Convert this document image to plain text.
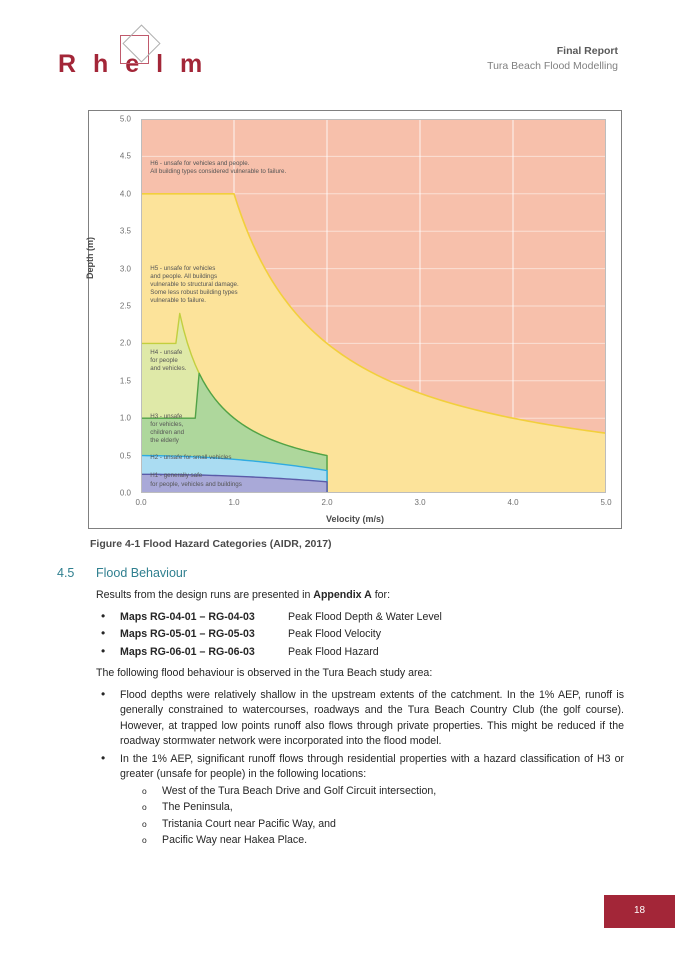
R h e l m	Final Report
Tura Beach Flood Modelling
Depth (m)
0.0
0.5
1.0
1.5
2.0
2.5
3.0
3.5
4.0
4.5
5.0
H6 - unsafe for vehicles and people.
All building types considered vulnerable to failure.
H5 - unsafe for vehicles
and people. All buildings
vulnerable to structural damage.
Some less robust building types
vulnerable to failure.
H4 - unsafe
for people
and vehicles.
H3 - unsafe
for vehicles,
children and
the elderly
H2 - unsafe for small vehicles
H1 - generally safe
for people, vehicles and buildings
0.0	1.0	2.0	3.0	4.0	5.0
Velocity (m/s)
Figure 4-1 Flood Hazard Categories (AIDR, 2017)
4.5 Flood Behaviour

Results from the design runs are presented in Appendix A for:

• Maps RG-04-01 – RG-04-03	Peak Flood Depth & Water Level
• Maps RG-05-01 – RG-05-03	Peak Flood Velocity
• Maps RG-06-01 – RG-06-03	Peak Flood Hazard

The following flood behaviour is observed in the Tura Beach study area:

• Flood depths were relatively shallow in the upstream extents of the catchment. In the 1% AEP, runoff is generally constrained to watercourses, roadways and the Tura Beach Country Club (the golf course). However, at trapped low points runoff also flows through private properties. This might be reduced if the roadway stormwater network were incorporated into the flood model.
• In the 1% AEP, significant runoff flows through residential properties with a hazard classification of H3 or greater (unsafe for people) in the following locations:
o West of the Tura Beach Drive and Golf Circuit intersection,
o The Peninsula,
o Tristania Court near Pacific Way, and
o Pacific Way near Hakea Place.
18
